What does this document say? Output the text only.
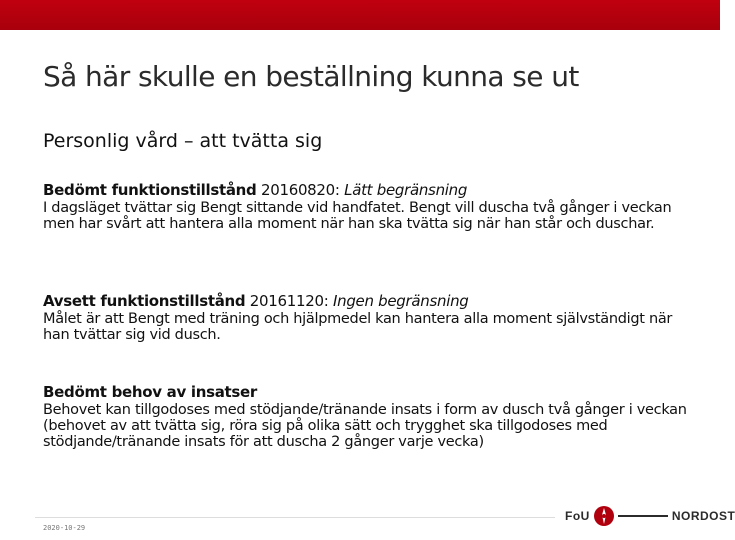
Så här skulle en beställning kunna se ut
Personlig vård – att tvätta sig

Bedömt funktionstillstånd 20160820: Lätt begränsning

I dagsläget tvättar sig Bengt sittande vid handfatet. Bengt vill duscha två gånger i veckan men har svårt att hantera alla moment när han ska tvätta sig när han står och duschar.

Avsett funktionstillstånd 20161120: Ingen begränsning

Målet är att Bengt med träning och hjälpmedel kan hantera alla moment självständigt när han tvättar sig vid dusch.

Bedömt behov av insatser

Behovet kan tillgodoses med stödjande/tränande insats i form av dusch två gånger i veckan

(behovet av att tvätta sig, röra sig på olika sätt och trygghet ska tillgodoses med stödjande/tränande insats för att duscha 2 gånger varje vecka)

2020-10-29
FoU	NORDOST
